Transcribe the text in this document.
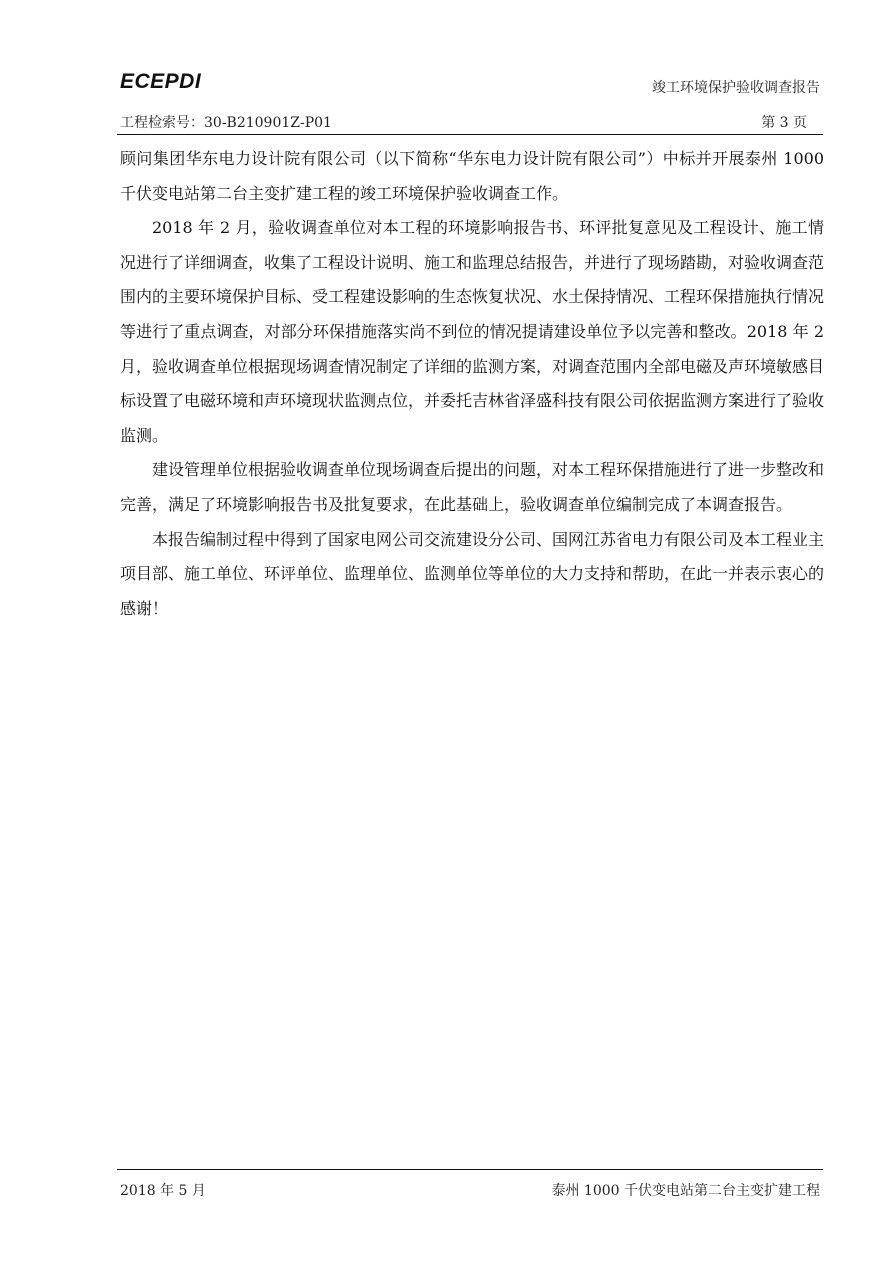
ECEPDI	竣工环境保护验收调查报告
工程检索号：30-B210901Z-P01	第 3 页

顾问集团华东电力设计院有限公司（以下简称“华东电力设计院有限公司”）中标并开展泰州 1000 千伏变电站第二台主变扩建工程的竣工环境保护验收调查工作。

2018 年 2 月，验收调查单位对本工程的环境影响报告书、环评批复意见及工程设计、施工情况进行了详细调查，收集了工程设计说明、施工和监理总结报告，并进行了现场踏勘，对验收调查范围内的主要环境保护目标、受工程建设影响的生态恢复状况、水土保持情况、工程环保措施执行情况等进行了重点调查，对部分环保措施落实尚不到位的情况提请建设单位予以完善和整改。2018 年 2 月，验收调查单位根据现场调查情况制定了详细的监测方案，对调查范围内全部电磁及声环境敏感目标设置了电磁环境和声环境现状监测点位，并委托吉林省泽盛科技有限公司依据监测方案进行了验收监测。

建设管理单位根据验收调查单位现场调查后提出的问题，对本工程环保措施进行了进一步整改和完善，满足了环境影响报告书及批复要求，在此基础上，验收调查单位编制完成了本调查报告。

本报告编制过程中得到了国家电网公司交流建设分公司、国网江苏省电力有限公司及本工程业主项目部、施工单位、环评单位、监理单位、监测单位等单位的大力支持和帮助，在此一并表示衷心的感谢！

2018 年 5 月	泰州 1000 千伏变电站第二台主变扩建工程
